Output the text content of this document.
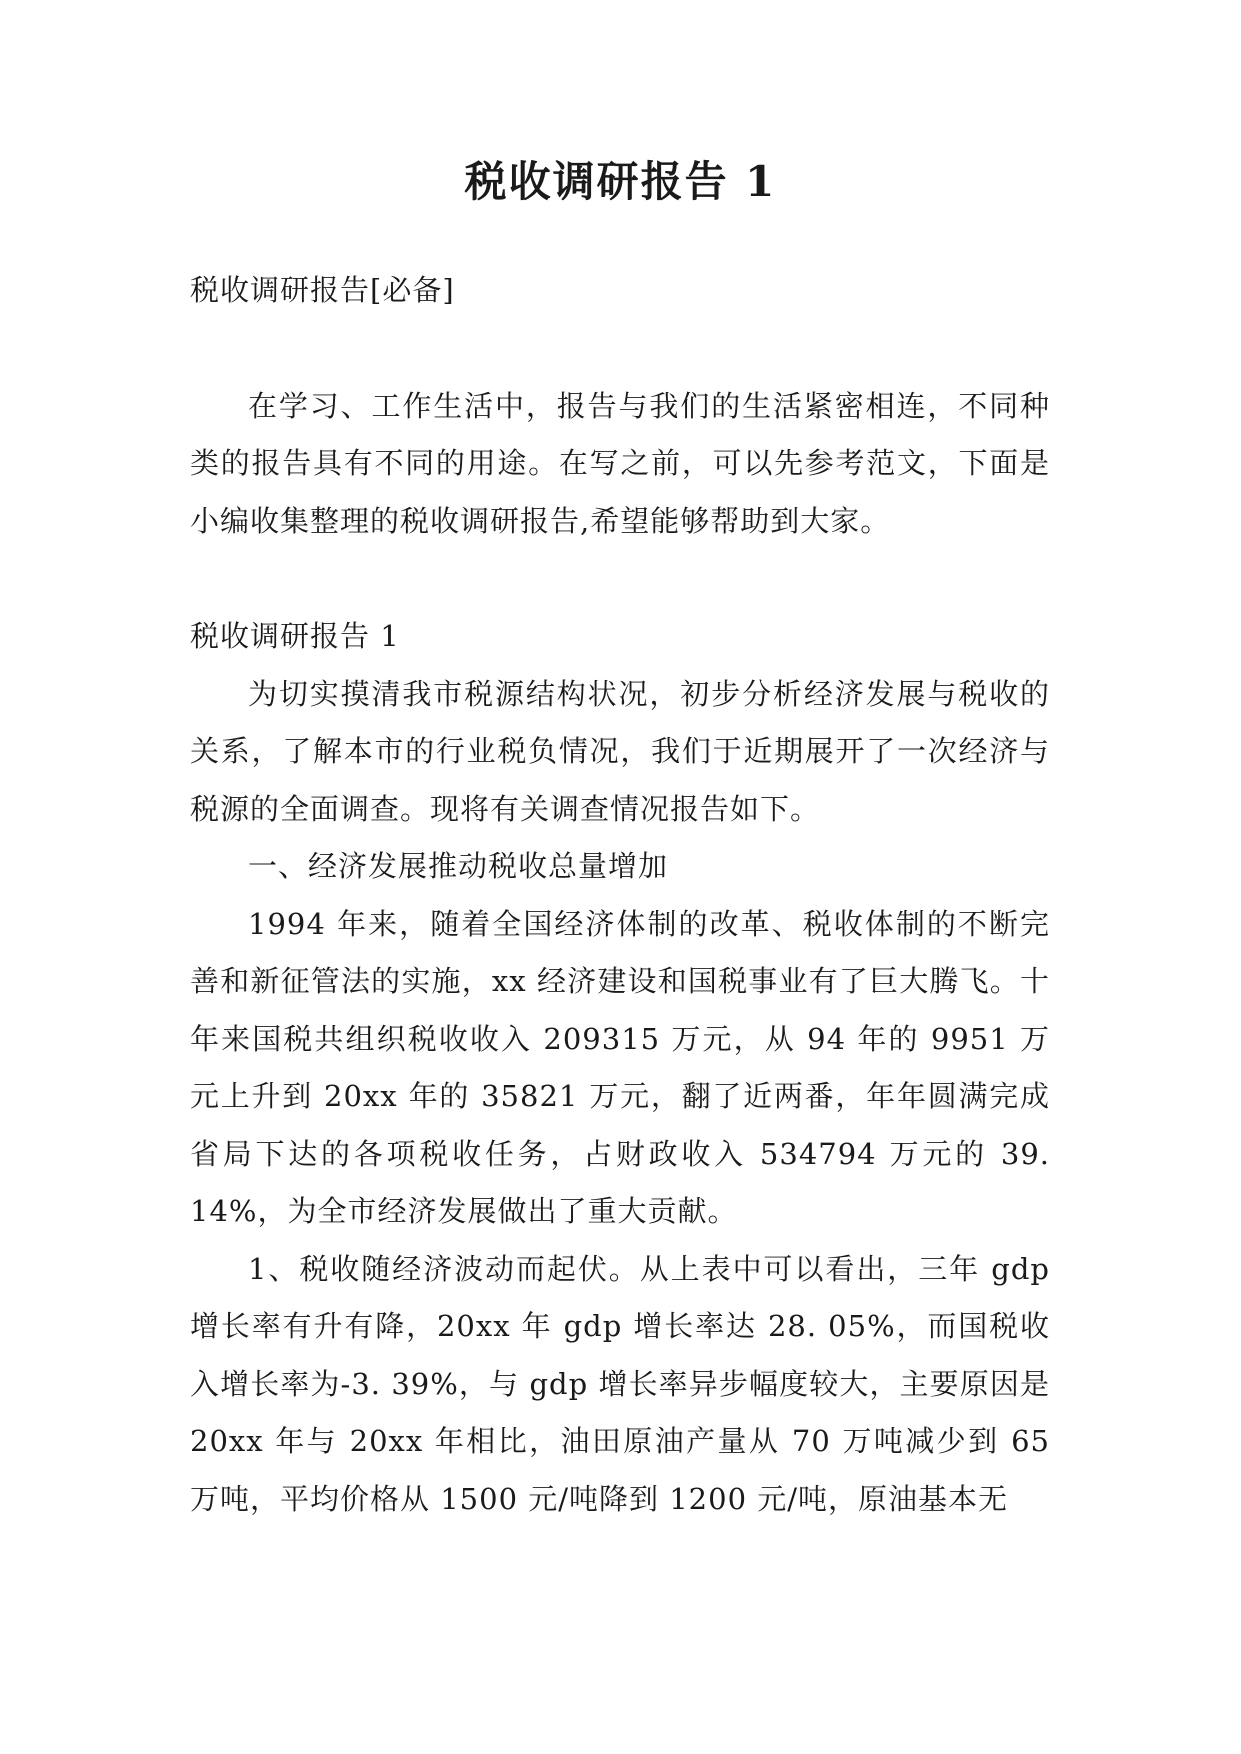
税收调研报告 1

税收调研报告[必备]

在学习、工作生活中，报告与我们的生活紧密相连，不同种类的报告具有不同的用途。在写之前，可以先参考范文，下面是小编收集整理的税收调研报告,希望能够帮助到大家。

税收调研报告 1

为切实摸清我市税源结构状况，初步分析经济发展与税收的关系，了解本市的行业税负情况，我们于近期展开了一次经济与税源的全面调查。现将有关调查情况报告如下。

一、经济发展推动税收总量增加

1994 年来，随着全国经济体制的改革、税收体制的不断完善和新征管法的实施，xx 经济建设和国税事业有了巨大腾飞。十年来国税共组织税收收入 209315 万元，从 94 年的 9951 万元上升到 20xx 年的 35821 万元，翻了近两番，年年圆满完成省局下达的各项税收任务，占财政收入 534794 万元的 39. 14%，为全市经济发展做出了重大贡献。

1、税收随经济波动而起伏。从上表中可以看出，三年 gdp 增长率有升有降，20xx 年 gdp 增长率达 28. 05%，而国税收入增长率为-3. 39%，与 gdp 增长率异步幅度较大，主要原因是 20xx 年与 20xx 年相比，油田原油产量从 70 万吨减少到 65 万吨，平均价格从 1500 元/吨降到 1200 元/吨，原油基本无
